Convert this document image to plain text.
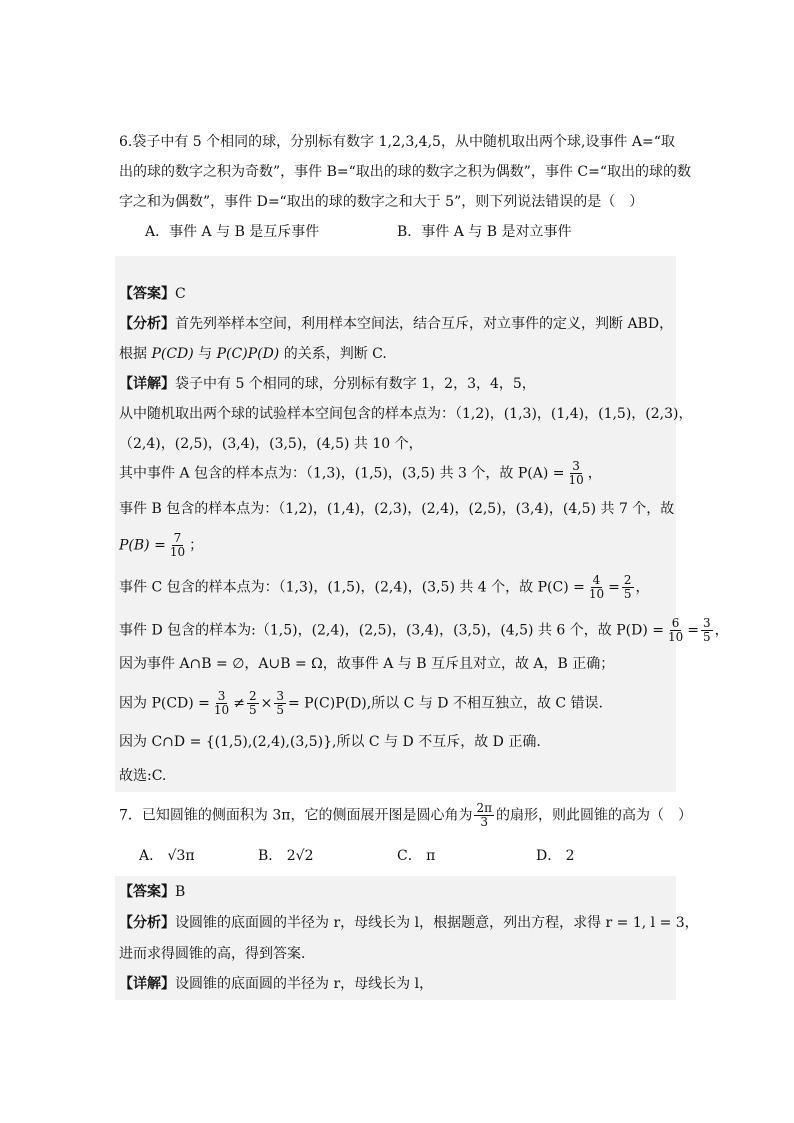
6.袋子中有 5 个相同的球，分别标有数字 1,2,3,4,5，从中随机取出两个球,设事件 A=“取
出的球的数字之积为奇数”，事件 B=“取出的球的数字之积为偶数”，事件 C=“取出的球的数
字之和为偶数”，事件 D=“取出的球的数字之和大于 5”，则下列说法错误的是（　）
A．事件 A 与 B 是互斥事件	B．事件 A 与 B 是对立事件
【答案】C
【分析】首先列举样本空间，利用样本空间法，结合互斥，对立事件的定义，判断 ABD，
根据 P(CD) 与 P(C)P(D) 的关系，判断 C.
【详解】袋子中有 5 个相同的球，分别标有数字 1，2，3，4，5，
从中随机取出两个球的试验样本空间包含的样本点为：（1,2)，(1,3)，(1,4)，(1,5)，(2,3)，
（2,4)，(2,5)，(3,4)，(3,5)，(4,5) 共 10 个，
其中事件 A 包含的样本点为：（1,3)，(1,5)，(3,5) 共 3 个，故 $P(A) = \frac{3}{10}$ ，
事件 B 包含的样本点为：（1,2)，(1,4)，(2,3)，(2,4)，(2,5)，(3,4)，(4,5) 共 7 个，故
$P(B) = \frac{7}{10}$ ；
事件 C 包含的样本点为：（1,3)，(1,5)，(2,4)，(3,5) 共 4 个，故 $P(C) = \frac{4}{10} = \frac{2}{5}$ ，
事件 D 包含的样本为:（1,5)，(2,4)，(2,5)，(3,4)，(3,5)，(4,5) 共 6 个，故 $P(D) = \frac{6}{10} = \frac{3}{5}$ ，
因为事件 A∩B = ∅，A∪B = Ω，故事件 A 与 B 互斥且对立，故 A，B 正确；
因为 $P(CD) = \frac{3}{10} \ne \frac{2}{5} \times \frac{3}{5} = P(C)P(D)$,所以 C 与 D 不相互独立，故 C 错误.
因为 C∩D = {(1,5),(2,4),(3,5)},所以 C 与 D 不互斥，故 D 正确.
故选:C.
7．已知圆锥的侧面积为 3π，它的侧面展开图是圆心角为 $\frac{2\pi}{3}$ 的扇形，则此圆锥的高为（　）
A． √3π	B． 2√2	C． π	D． 2
【答案】B
【分析】设圆锥的底面圆的半径为 r，母线长为 l，根据题意，列出方程，求得 r = 1, l = 3，
进而求得圆锥的高，得到答案.
【详解】设圆锥的底面圆的半径为 r，母线长为 l，
